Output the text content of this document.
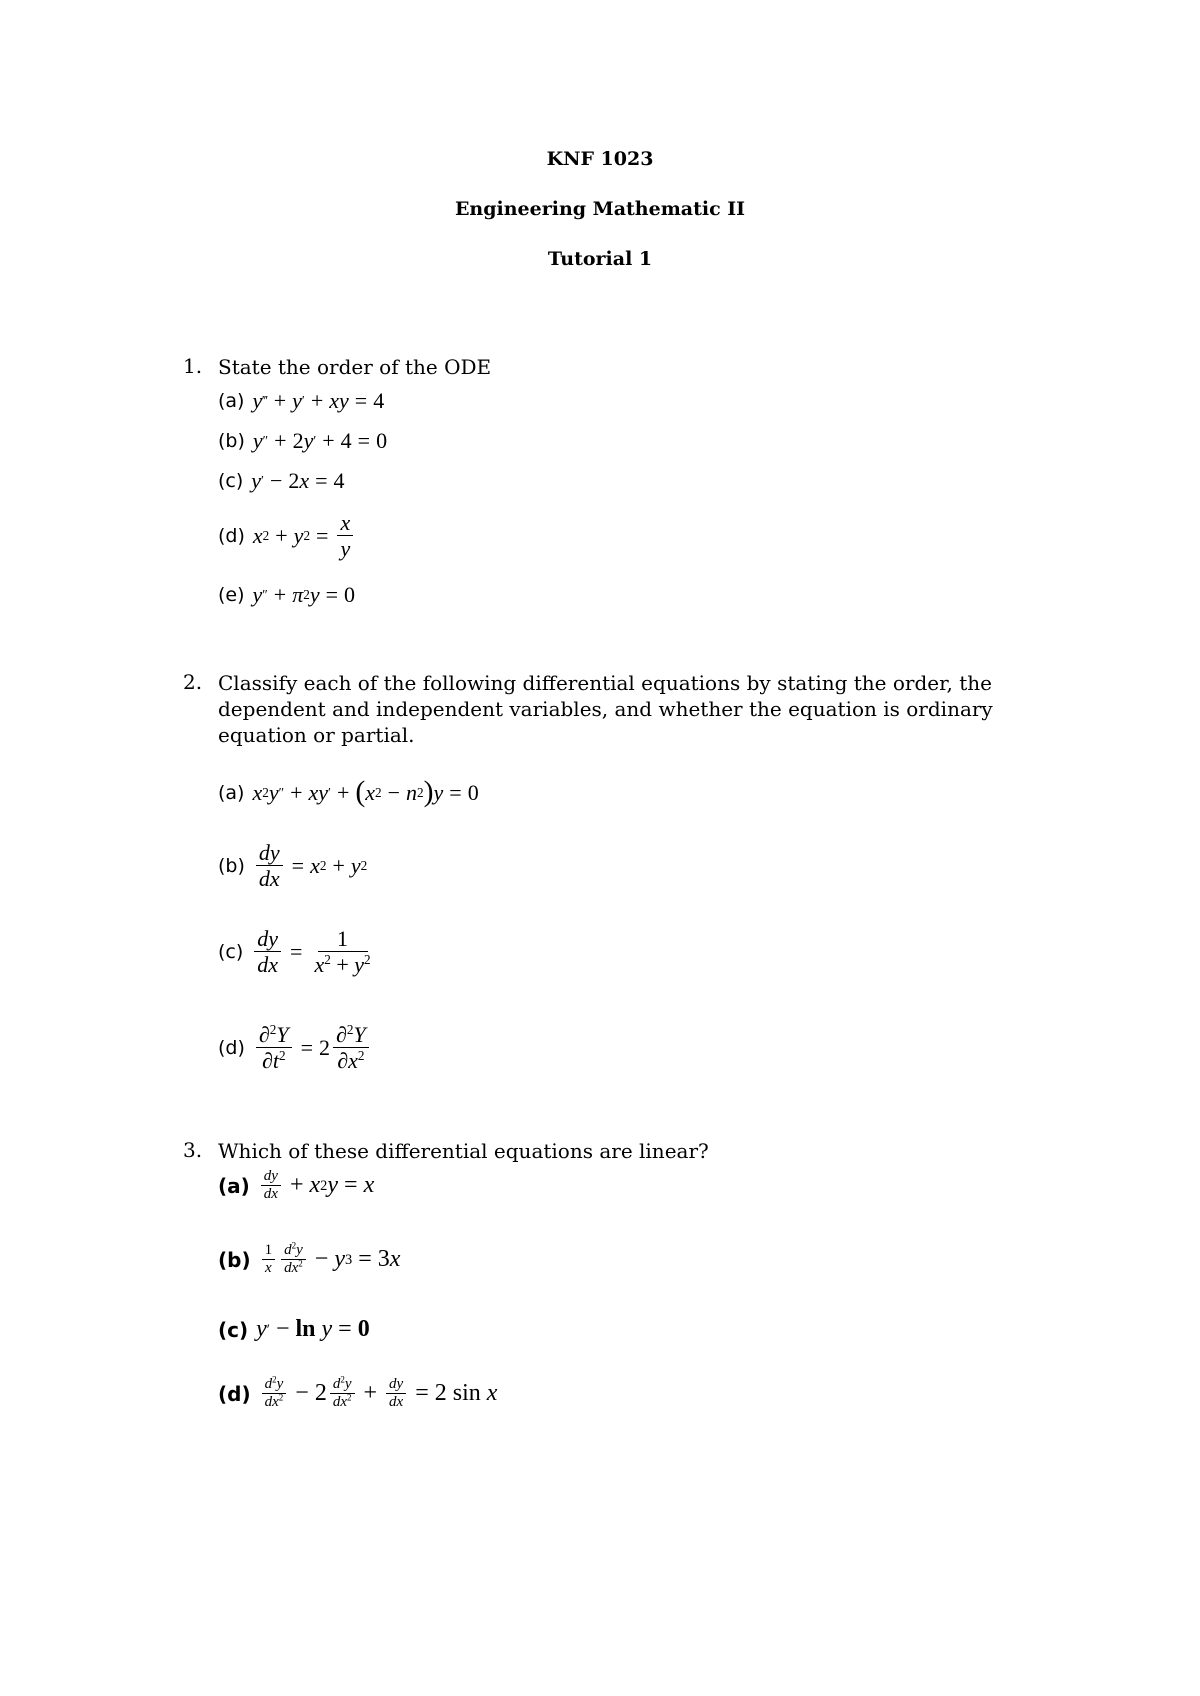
KNF 1023
Engineering Mathematic II
Tutorial 1
1. State the order of the ODE
(a) y ‴ + y ′ + xy = 4
(b) y ″ + 2 y ′ + 4 = 0
(c) y ′ − 2 x = 4
(d) x 2 + y $2 = \frac{x}{y}$
(e) y ″ + π 2 y = 0
2. Classify each of the following differential equations by stating the order, the dependent and independent variables, and whether the equation is ordinary equation or partial.
(a) x 2 y ″ + xy ′ + ( x 2 − n 2 ) y = 0
$(b) \frac{dy}{dx} = x$ 2 + y 2
$(c) \frac{dy}{dx} = \frac{1}{x^2 + y^2}$
$(d) \frac{\partial^2Y}{\partial t^2} = 2 \frac{\partial^2Y}{\partial x^2}$
3. Which of these differential equations are linear?
$(a) \frac{dy}{dx} + x$ 2 y = x
$(b) \frac{1}{x} \frac{d^2y}{dx^2} - y$ 3 = 3 x
(c) y ′ − ln
y = 0
$(d) \frac{d^2y}{dx^2} - 2 \frac{d^2y}{dx^2} + \frac{dy}{dx} = 2$ sin x
